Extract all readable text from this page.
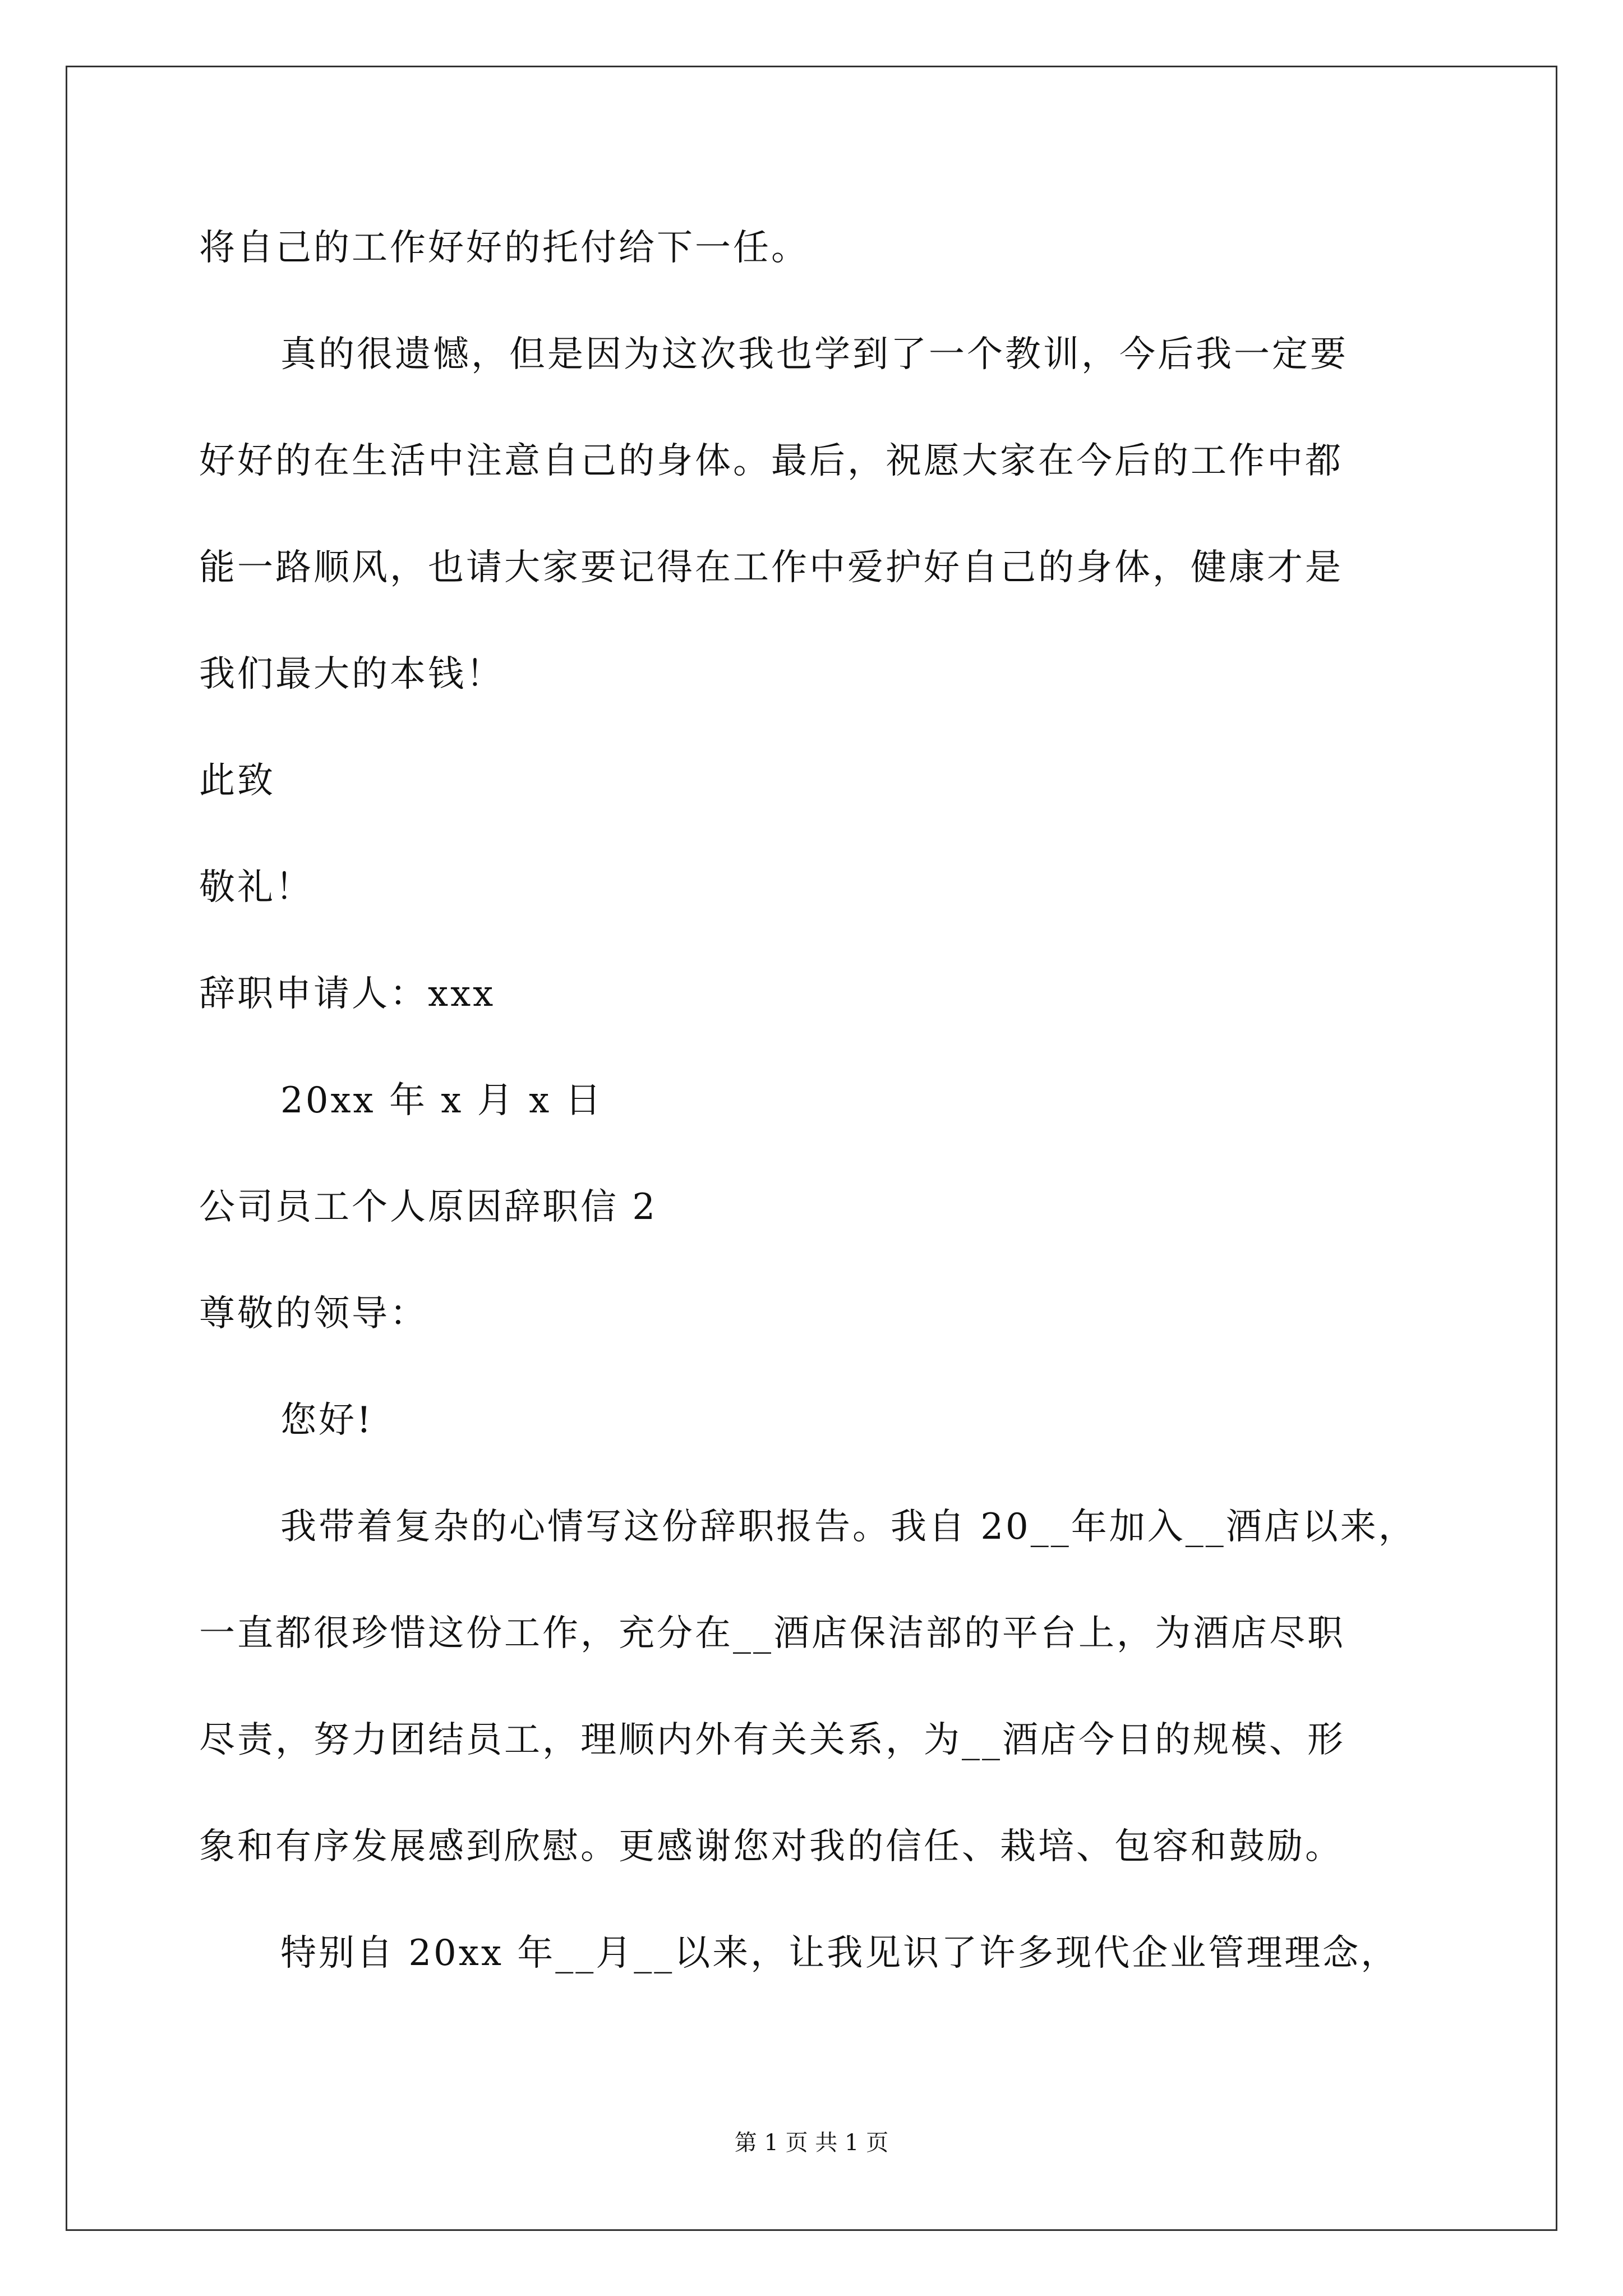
将自己的工作好好的托付给下一任。
真的很遗憾，但是因为这次我也学到了一个教训，今后我一定要
好好的在生活中注意自己的身体。最后，祝愿大家在今后的工作中都
能一路顺风，也请大家要记得在工作中爱护好自己的身体，健康才是
我们最大的本钱！
此致
敬礼！
辞职申请人：xxx
20xx 年 x 月 x 日
公司员工个人原因辞职信 2
尊敬的领导：
您好!
我带着复杂的心情写这份辞职报告。我自 20__年加入__酒店以来，
一直都很珍惜这份工作，充分在__酒店保洁部的平台上，为酒店尽职
尽责，努力团结员工，理顺内外有关关系，为__酒店今日的规模、形
象和有序发展感到欣慰。更感谢您对我的信任、栽培、包容和鼓励。
特别自 20xx 年__月__以来，让我见识了许多现代企业管理理念，
第 1 页 共 1 页
